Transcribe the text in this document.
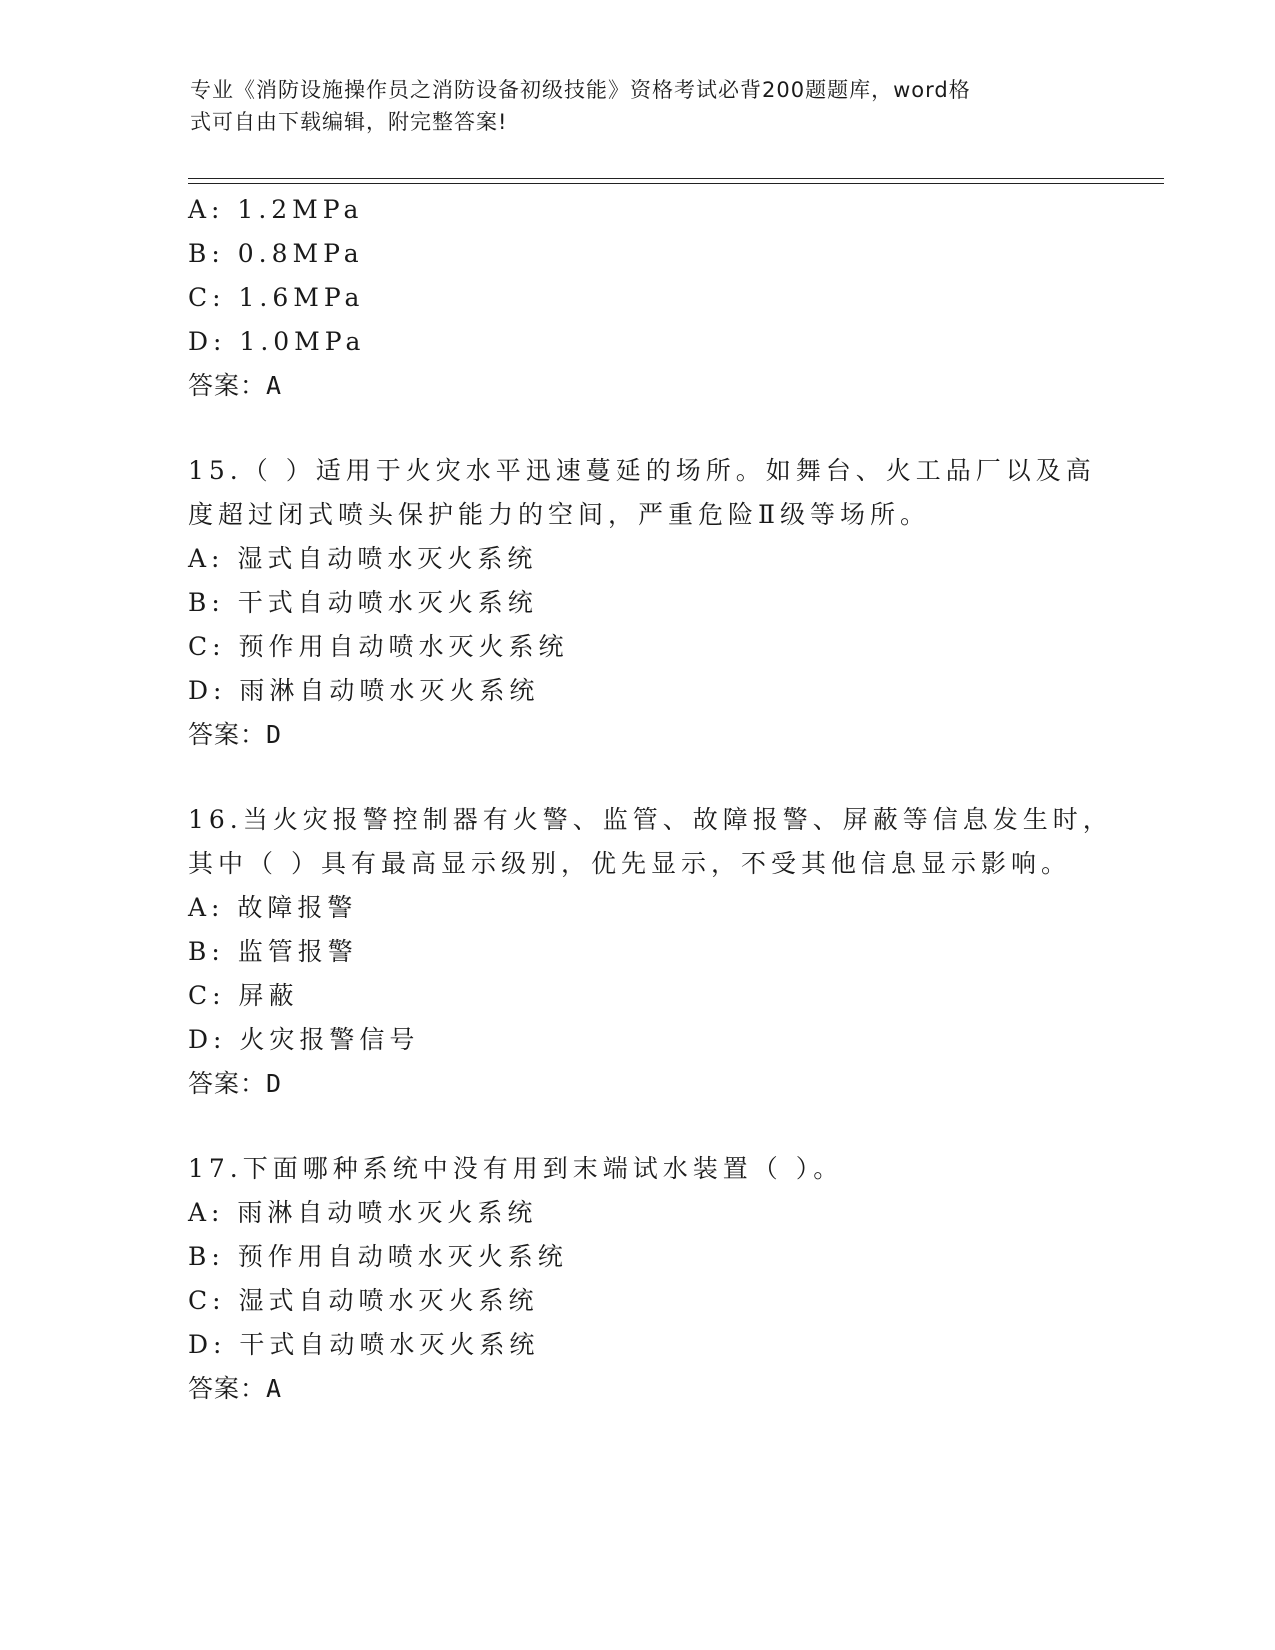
专业《消防设施操作员之消防设备初级技能》资格考试必背200题题库，word格
式可自由下载编辑，附完整答案!
A: 1.2MPa
B: 0.8MPa
C: 1.6MPa
D: 1.0MPa
答案：A
15.（ ）适用于火灾水平迅速蔓延的场所。如舞台、火工品厂以及高
度超过闭式喷头保护能力的空间，严重危险Ⅱ级等场所。
A: 湿式自动喷水灭火系统
B: 干式自动喷水灭火系统
C: 预作用自动喷水灭火系统
D: 雨淋自动喷水灭火系统
答案：D
16.当火灾报警控制器有火警、监管、故障报警、屏蔽等信息发生时，
其中（ ）具有最高显示级别，优先显示，不受其他信息显示影响。
A: 故障报警
B: 监管报警
C: 屏蔽
D: 火灾报警信号
答案：D
17.下面哪种系统中没有用到末端试水装置（ ）。
A: 雨淋自动喷水灭火系统
B: 预作用自动喷水灭火系统
C: 湿式自动喷水灭火系统
D: 干式自动喷水灭火系统
答案：A
